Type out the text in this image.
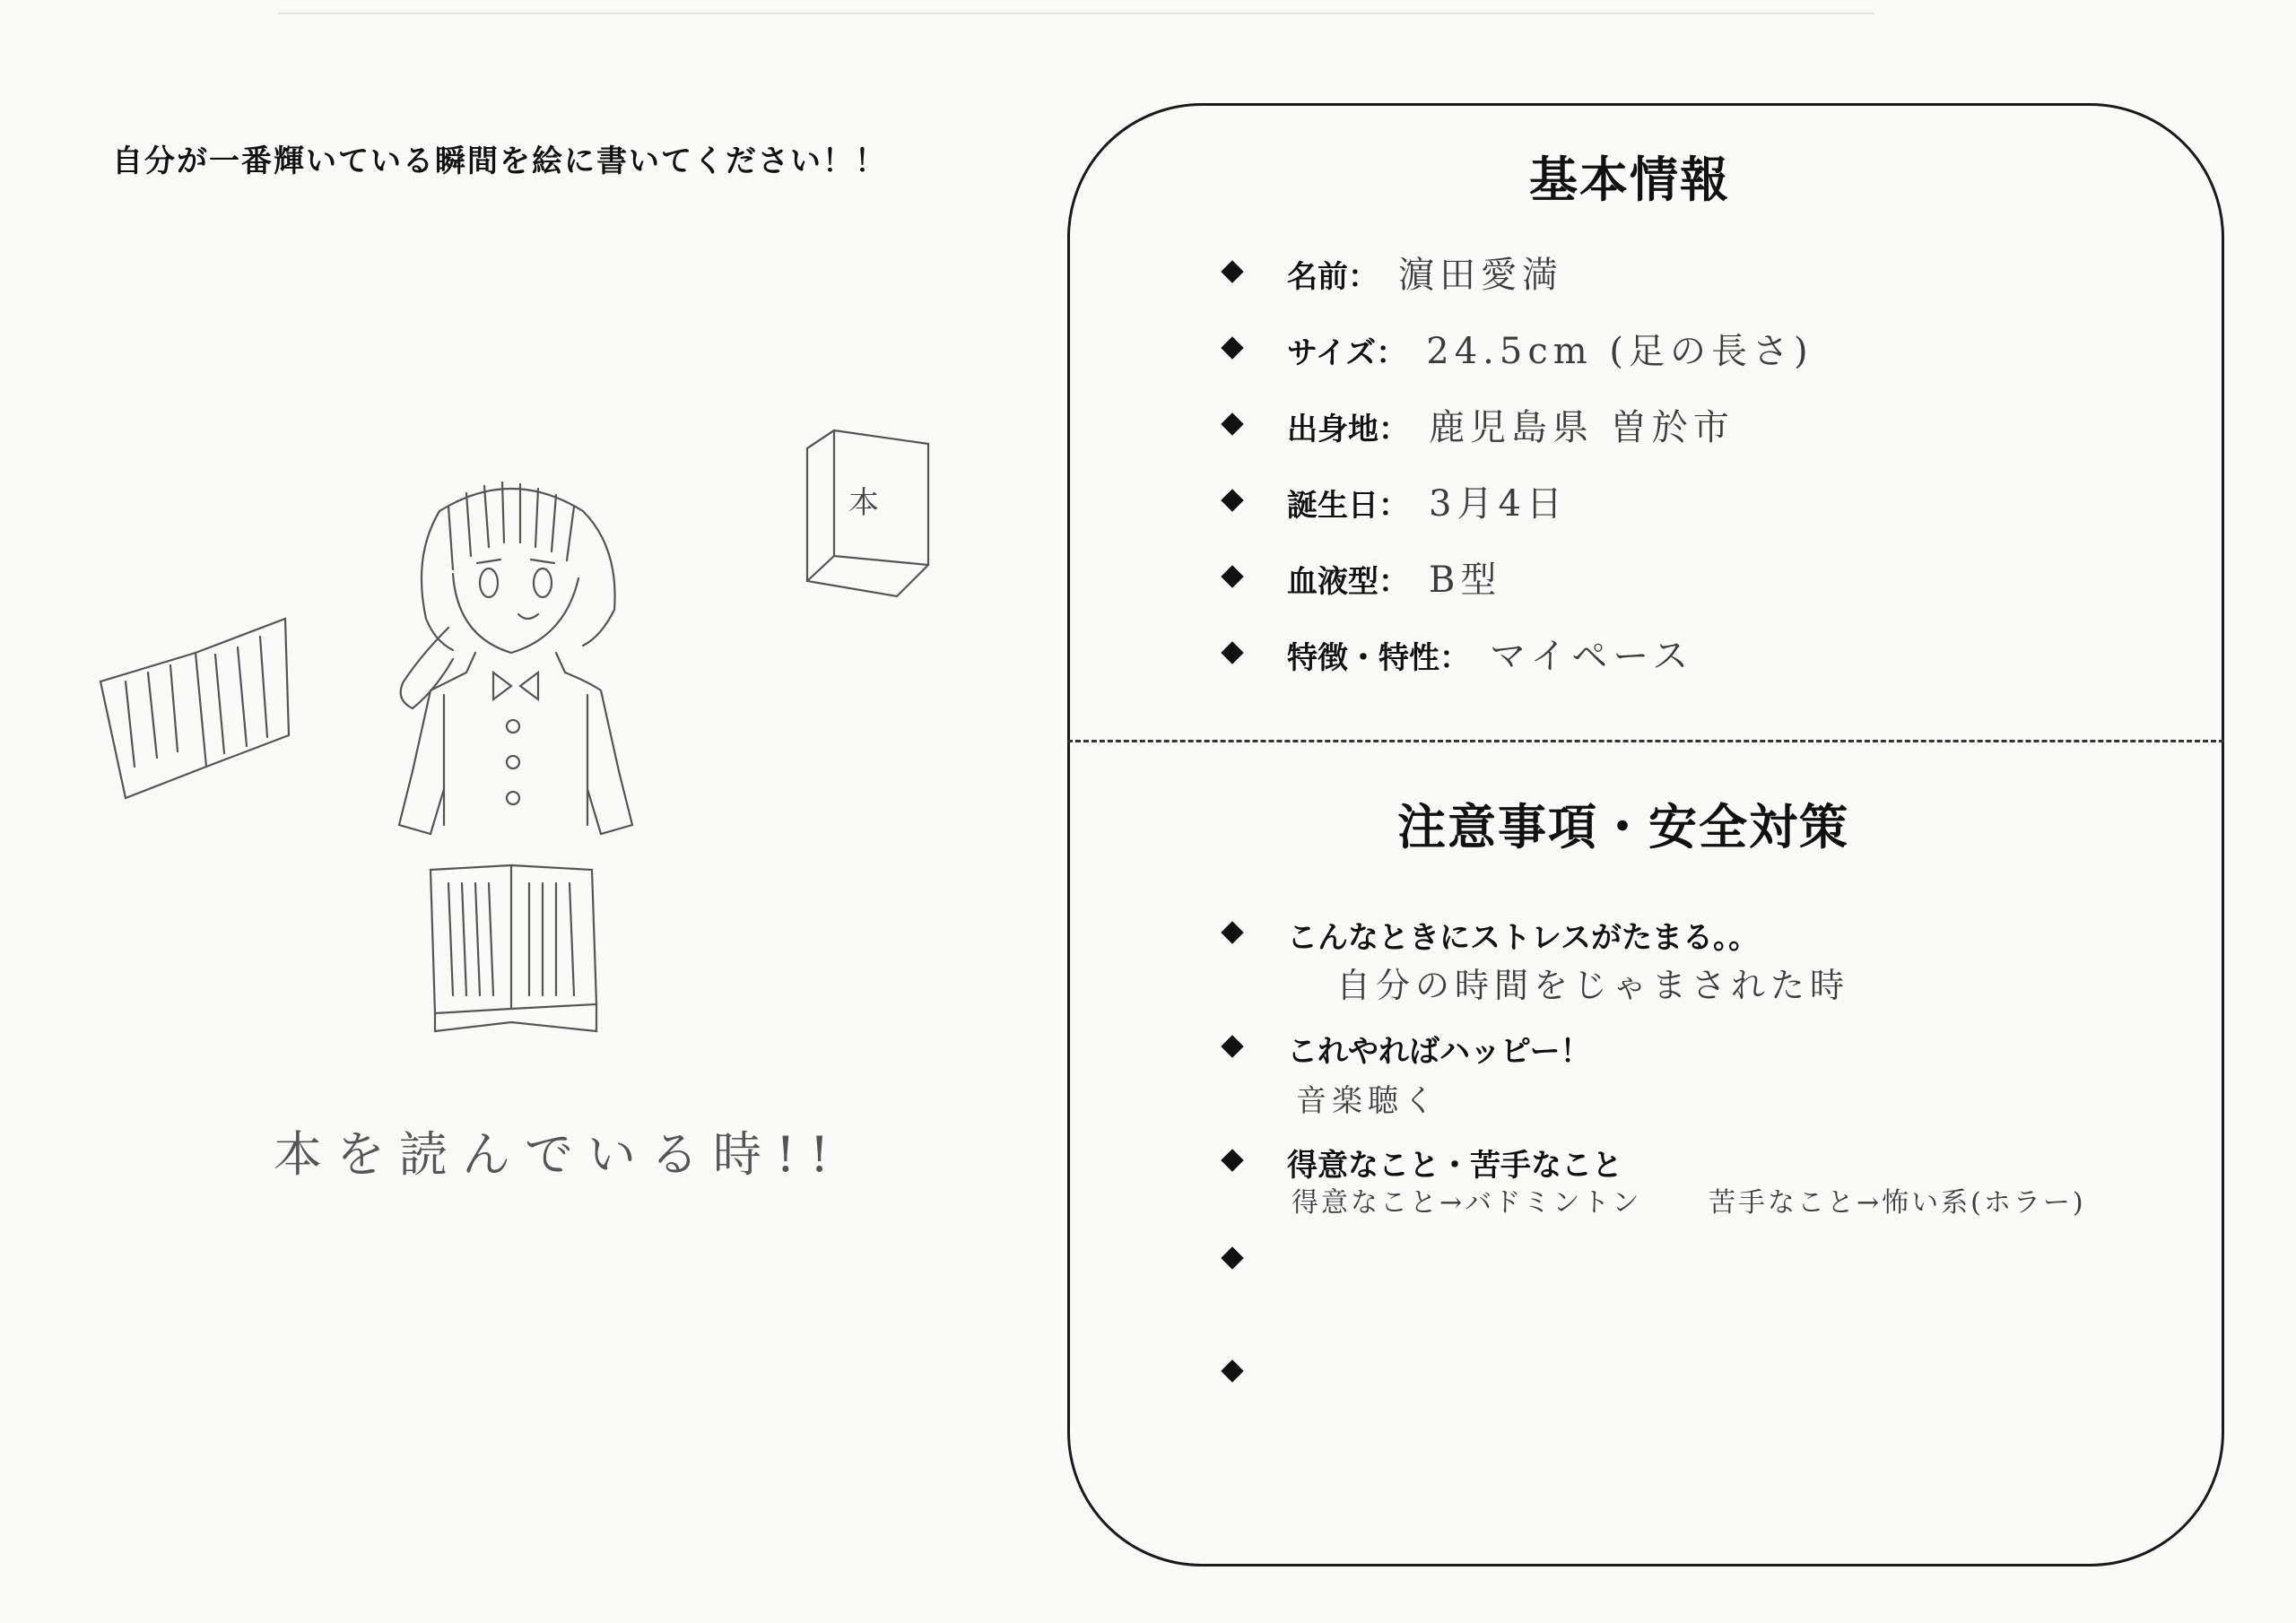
自分が一番輝いている瞬間を絵に書いてください！！
本
本を読んでいる時!!
基本情報
名前： 濵田愛満
サイズ： 24.5cm (足の長さ)
出身地： 鹿児島県 曽於市
誕生日： 3月4日
血液型： B型
特徴・特性： マイペース
注意事項・安全対策
こんなときにストレスがたまる。。
自分の時間をじゃまされた時
これやればハッピー！
音楽聴く
得意なこと・苦手なこと
得意なこと→バドミントン 苦手なこと→怖い系(ホラー)
